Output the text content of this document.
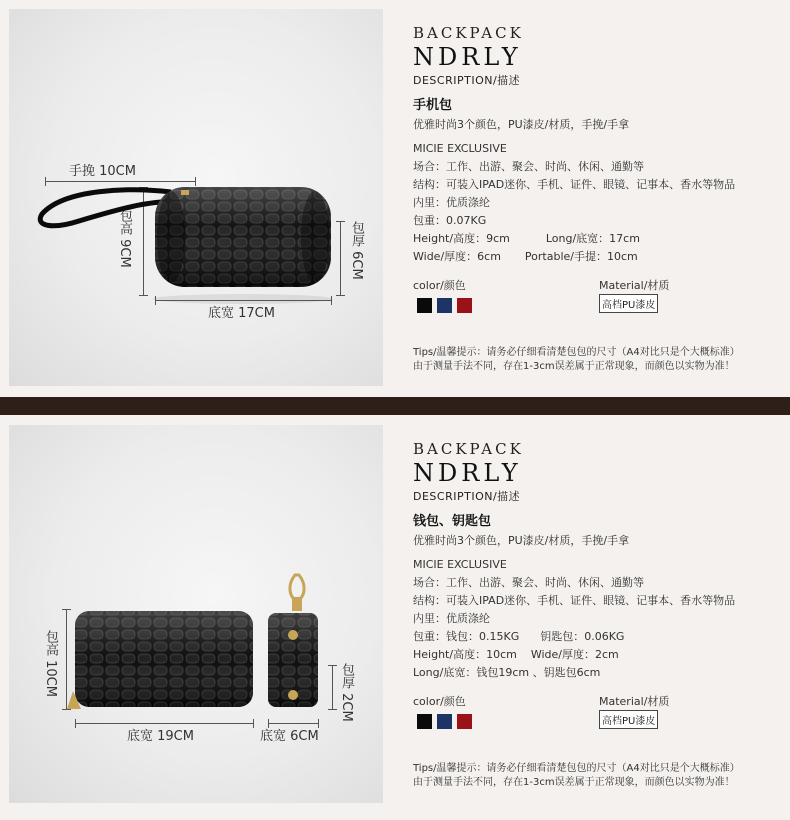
手挽 10CM
包高 9CM	包厚 6CM
底宽 17CM
BACKPACK
NDRLY
DESCRIPTION/描述
手机包
优雅时尚3个颜色，PU漆皮/材质，手挽/手拿
MICIE EXCLUSIVE
场合：工作、出游、聚会、时尚、休闲、通勤等
结构：可装入IPAD迷你、手机、证件、眼镜、记事本、香水等物品
内里：优质涤纶
包重：0.07KG
Height/高度：9cm	Long/底宽：17cm
Wide/厚度：6cm Portable/手提：10cm
color/颜色	Material/材质
高档PU漆皮
Tips/温馨提示：请务必仔细看清楚包包的尺寸（A4对比只是个大概标准）
由于测量手法不同，存在1-3cm误差属于正常现象，而颜色以实物为准！
包高 10CM	包厚 2CM
底宽 19CM	底宽 6CM
BACKPACK
NDRLY
DESCRIPTION/描述
钱包、钥匙包
优雅时尚3个颜色，PU漆皮/材质，手挽/手拿
MICIE EXCLUSIVE
场合：工作、出游、聚会、时尚、休闲、通勤等
结构：可装入IPAD迷你、手机、证件、眼镜、记事本、香水等物品
内里：优质涤纶
包重：钱包：0.15KG      钥匙包：0.06KG
Height/高度：10cm    Wide/厚度：2cm
Long/底宽：钱包19cm 、钥匙包6cm
color/颜色	Material/材质
高档PU漆皮
Tips/温馨提示：请务必仔细看清楚包包的尺寸（A4对比只是个大概标准）
由于测量手法不同，存在1-3cm误差属于正常现象，而颜色以实物为准！
